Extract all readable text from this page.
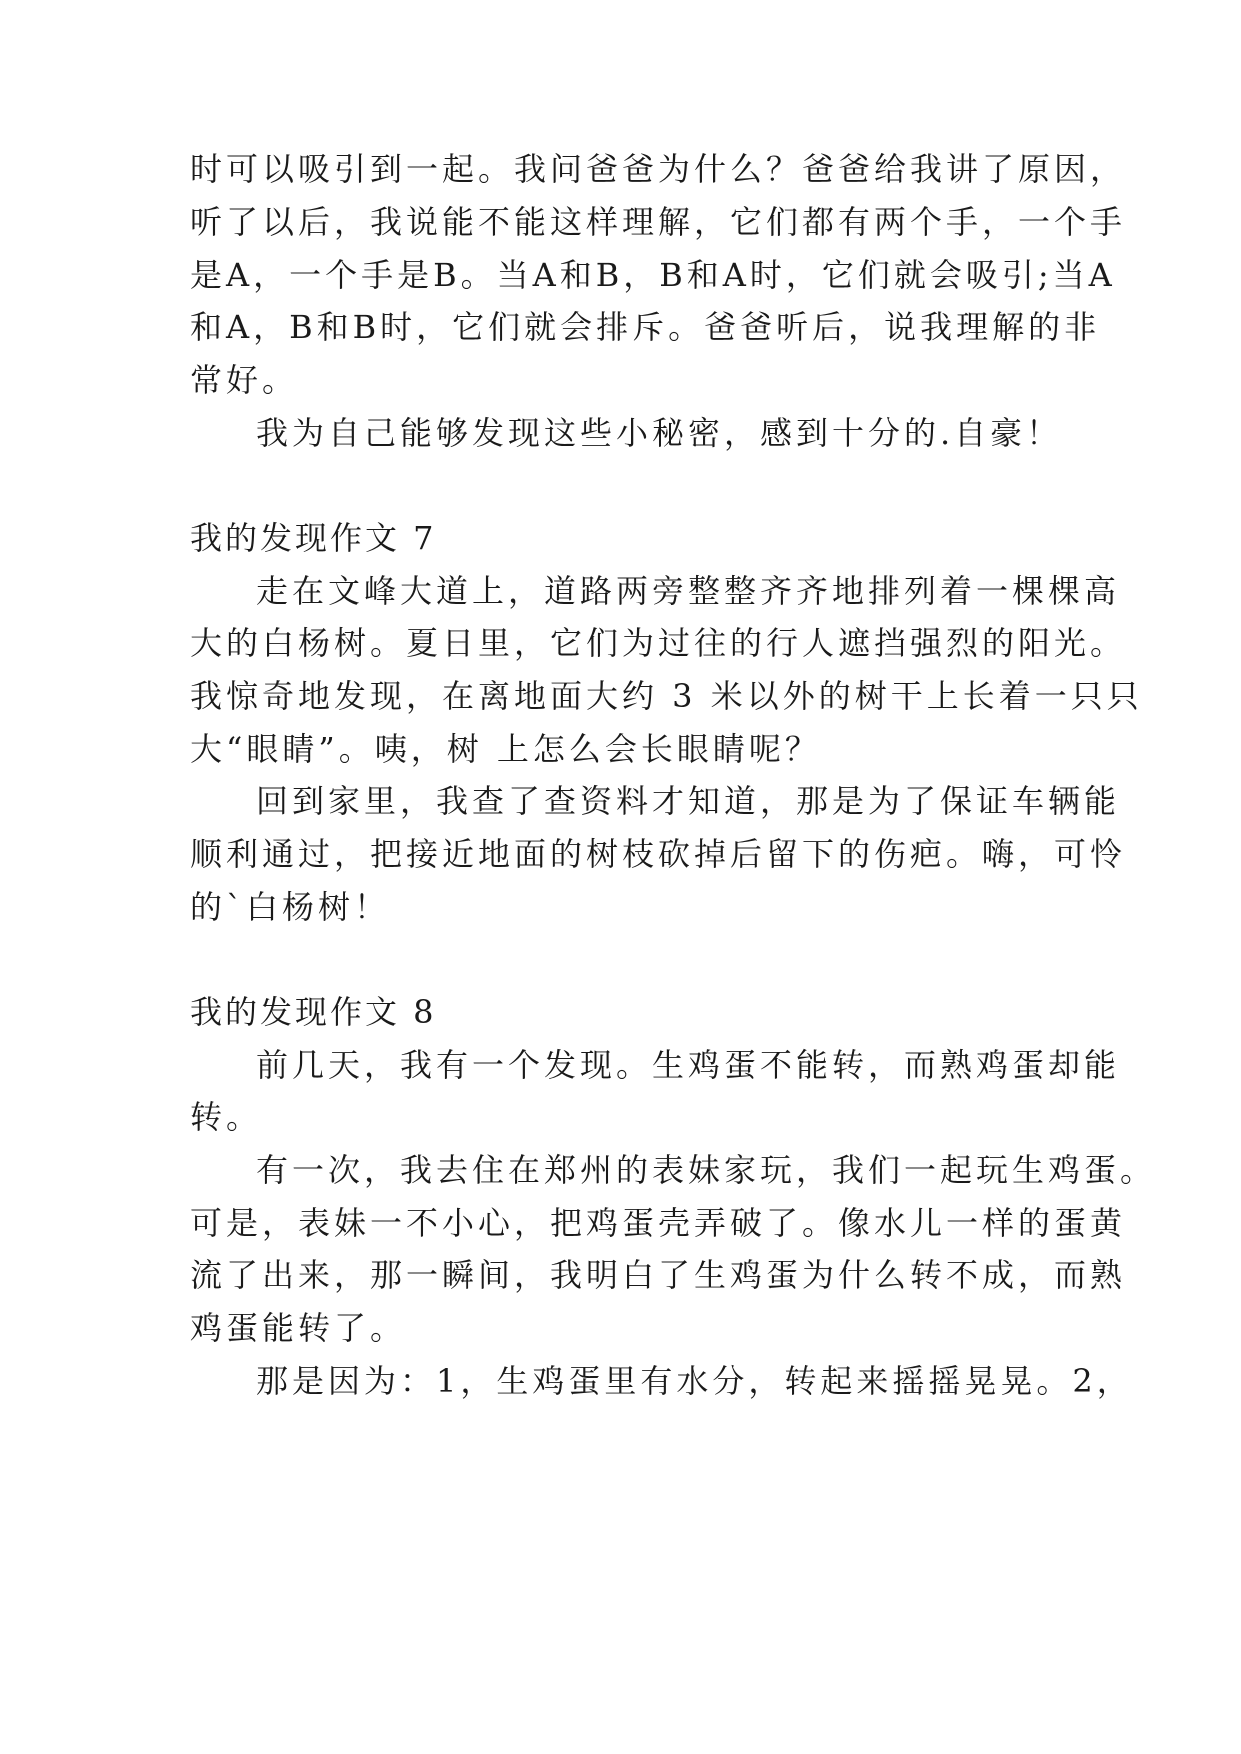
时可以吸引到一起。我问爸爸为什么？爸爸给我讲了原因，
听了以后，我说能不能这样理解，它们都有两个手，一个手
是A，一个手是B。当A和B，B和A时，它们就会吸引;当A
和A，B和B时，它们就会排斥。爸爸听后，说我理解的非
常好。
我为自己能够发现这些小秘密，感到十分的.自豪！
我的发现作文 7
走在文峰大道上，道路两旁整整齐齐地排列着一棵棵高
大的白杨树。夏日里，它们为过往的行人遮挡强烈的阳光。
我惊奇地发现，在离地面大约 3 米以外的树干上长着一只只
大“眼睛”。咦，树 上怎么会长眼睛呢？
回到家里，我查了查资料才知道，那是为了保证车辆能
顺利通过，把接近地面的树枝砍掉后留下的伤疤。嗨，可怜
的`白杨树！
我的发现作文 8
前几天，我有一个发现。生鸡蛋不能转，而熟鸡蛋却能
转。
有一次，我去住在郑州的表妹家玩，我们一起玩生鸡蛋。
可是，表妹一不小心，把鸡蛋壳弄破了。像水儿一样的蛋黄
流了出来，那一瞬间，我明白了生鸡蛋为什么转不成，而熟
鸡蛋能转了。
那是因为：1，生鸡蛋里有水分，转起来摇摇晃晃。2，
